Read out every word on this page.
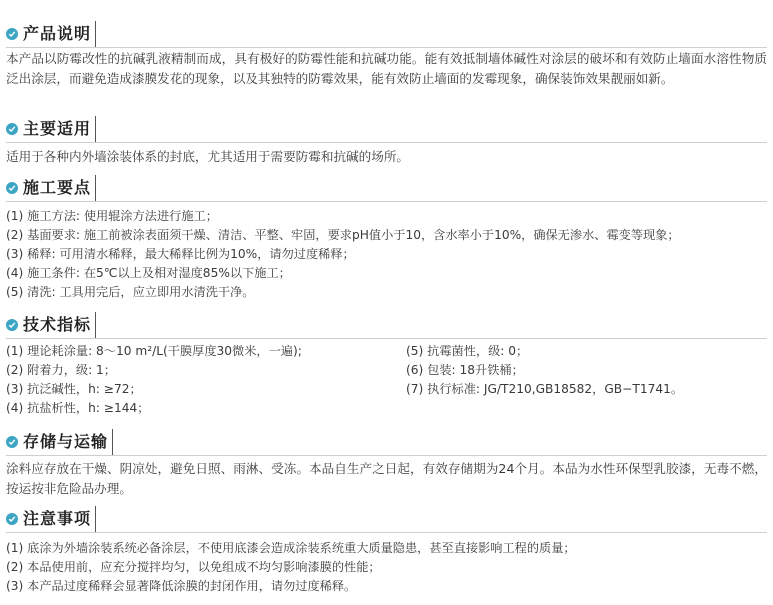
产品说明

本产品以防霉改性的抗碱乳液精制而成，具有极好的防霉性能和抗碱功能。能有效抵制墙体碱性对涂层的破坏和有效防止墙面水溶性物质泛出涂层，而避免造成漆膜发花的现象，以及其独特的防霉效果，能有效防止墙面的发霉现象，确保装饰效果靓丽如新。

主要适用

适用于各种内外墙涂装体系的封底，尤其适用于需要防霉和抗碱的场所。

施工要点
(1) 施工方法: 使用辊涂方法进行施工；
(2) 基面要求: 施工前被涂表面须干燥、清洁、平整、牢固，要求pH值小于10，含水率小于10%，确保无渗水、霉变等现象；
(3) 稀释: 可用清水稀释，最大稀释比例为10%，请勿过度稀释；
(4) 施工条件: 在5℃以上及相对湿度85%以下施工；
(5) 清洗: 工具用完后，应立即用水清洗干净。
技术指标
(1) 理论耗涂量: 8～10 m²/L(干膜厚度30微米，一遍);
(2) 附着力，级: 1；
(3) 抗泛碱性，h: ≥72；
(4) 抗盐析性，h: ≥144；
(5) 抗霉菌性，级: 0；
(6) 包装: 18升铁桶；
(7) 执行标准: JG/T210,GB18582，GB−T1741。
存储与运输

涂料应存放在干燥、阴凉处，避免日照、雨淋、受冻。本品自生产之日起，有效存储期为24个月。本品为水性环保型乳胶漆，无毒不燃，按运按非危险品办理。

注意事项
(1) 底涂为外墙涂装系统必备涂层，不使用底漆会造成涂装系统重大质量隐患，甚至直接影响工程的质量；
(2) 本品使用前，应充分搅拌均匀，以免组成不均匀影响漆膜的性能；
(3) 本产品过度稀释会显著降低涂膜的封闭作用，请勿过度稀释。
